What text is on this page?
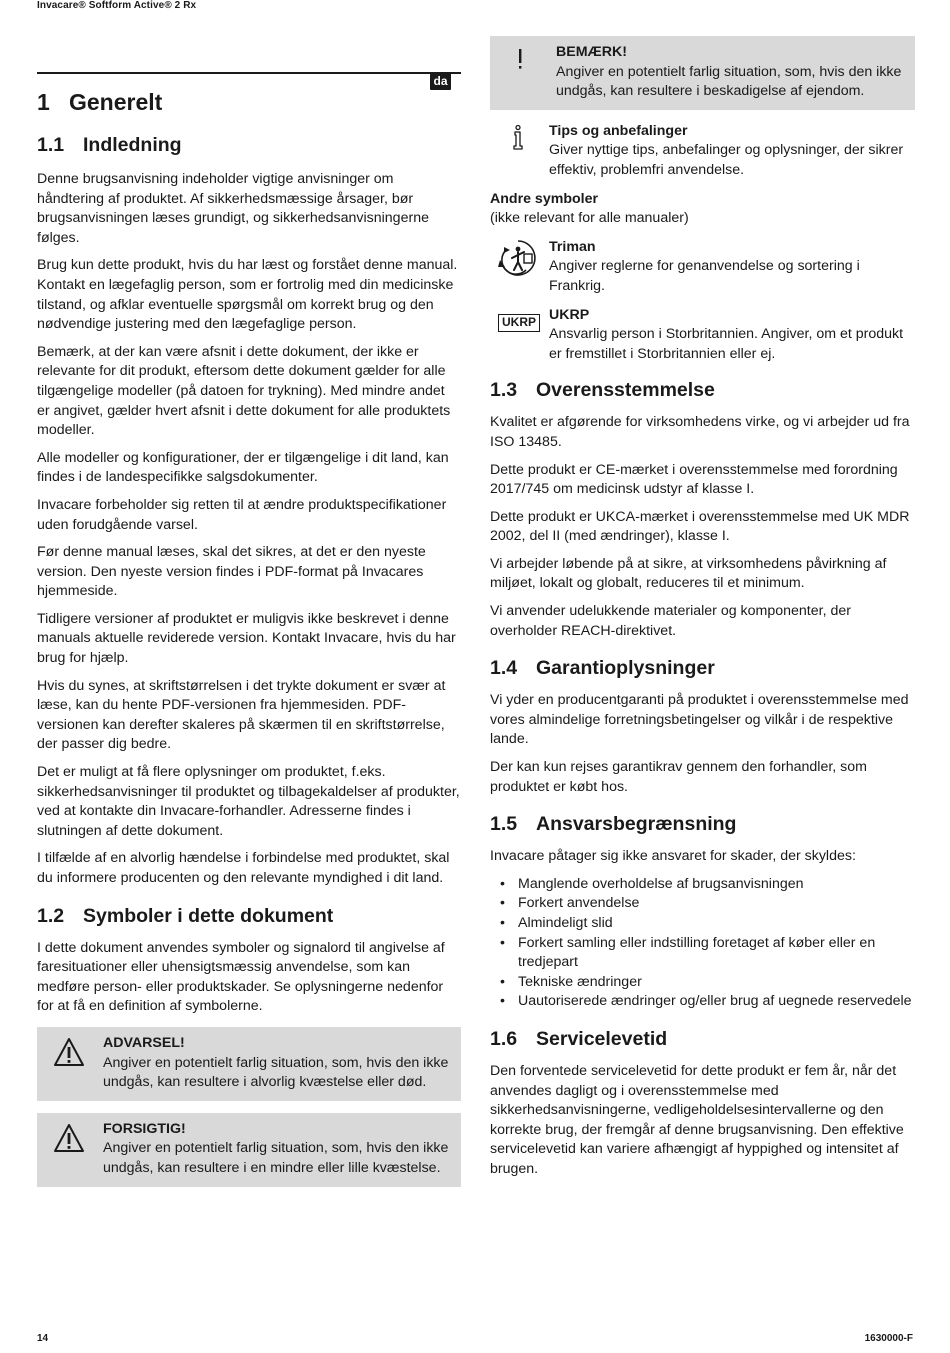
Invacare® Softform Active® 2 Rx
da
1 Generelt
1.1 Indledning

Denne brugsanvisning indeholder vigtige anvisninger om håndtering af produktet. Af sikkerhedsmæssige årsager, bør brugsanvisningen læses grundigt, og sikkerhedsanvisningerne følges.

Brug kun dette produkt, hvis du har læst og forstået denne manual. Kontakt en lægefaglig person, som er fortrolig med din medicinske tilstand, og afklar eventuelle spørgsmål om korrekt brug og den nødvendige justering med den lægefaglige person.

Bemærk, at der kan være afsnit i dette dokument, der ikke er relevante for dit produkt, eftersom dette dokument gælder for alle tilgængelige modeller (på datoen for trykning). Med mindre andet er angivet, gælder hvert afsnit i dette dokument for alle produktets modeller.

Alle modeller og konfigurationer, der er tilgængelige i dit land, kan findes i de landespecifikke salgsdokumenter.

Invacare forbeholder sig retten til at ændre produktspecifikationer uden forudgående varsel.

Før denne manual læses, skal det sikres, at det er den nyeste version. Den nyeste version findes i PDF-format på Invacares hjemmeside.

Tidligere versioner af produktet er muligvis ikke beskrevet i denne manuals aktuelle reviderede version. Kontakt Invacare, hvis du har brug for hjælp.

Hvis du synes, at skriftstørrelsen i det trykte dokument er svær at læse, kan du hente PDF-versionen fra hjemmesiden. PDF-versionen kan derefter skaleres på skærmen til en skriftstørrelse, der passer dig bedre.

Det er muligt at få flere oplysninger om produktet, f.eks. sikkerhedsanvisninger til produktet og tilbagekaldelser af produkter, ved at kontakte din Invacare-forhandler. Adresserne findes i slutningen af dette dokument.

I tilfælde af en alvorlig hændelse i forbindelse med produktet, skal du informere producenten og den relevante myndighed i dit land.

1.2 Symboler i dette dokument

I dette dokument anvendes symboler og signalord til angivelse af faresituationer eller uhensigtsmæssig anvendelse, som kan medføre person- eller produktskader. Se oplysningerne nedenfor for at få en definition af symbolerne.

ADVARSEL!
Angiver en potentielt farlig situation, som, hvis den ikke undgås, kan resultere i alvorlig kvæstelse eller død.
FORSIGTIG!
Angiver en potentielt farlig situation, som, hvis den ikke undgås, kan resultere i en mindre eller lille kvæstelse.
BEMÆRK!
Angiver en potentielt farlig situation, som, hvis den ikke undgås, kan resultere i beskadigelse af ejendom.
Tips og anbefalinger
Giver nyttige tips, anbefalinger og oplysninger, der sikrer effektiv, problemfri anvendelse.

Andre symboler

(ikke relevant for alle manualer)

Triman
Angiver reglerne for genanvendelse og sortering i Frankrig.
UKRP UKRP
Ansvarlig person i Storbritannien. Angiver, om et produkt er fremstillet i Storbritannien eller ej.
1.3 Overensstemmelse

Kvalitet er afgørende for virksomhedens virke, og vi arbejder ud fra ISO 13485.

Dette produkt er CE-mærket i overensstemmelse med forordning 2017/745 om medicinsk udstyr af klasse I.

Dette produkt er UKCA-mærket i overensstemmelse med UK MDR 2002, del II (med ændringer), klasse I.

Vi arbejder løbende på at sikre, at virksomhedens påvirkning af miljøet, lokalt og globalt, reduceres til et minimum.

Vi anvender udelukkende materialer og komponenter, der overholder REACH-direktivet.

1.4 Garantioplysninger

Vi yder en producentgaranti på produktet i overensstemmelse med vores almindelige forretningsbetingelser og vilkår i de respektive lande.

Der kan kun rejses garantikrav gennem den forhandler, som produktet er købt hos.

1.5 Ansvarsbegrænsning

Invacare påtager sig ikke ansvaret for skader, der skyldes:

• Manglende overholdelse af brugsanvisningen
• Forkert anvendelse
• Almindeligt slid
• Forkert samling eller indstilling foretaget af køber eller en tredjepart
• Tekniske ændringer
• Uautoriserede ændringer og/eller brug af uegnede reservedele
1.6 Servicelevetid

Den forventede servicelevetid for dette produkt er fem år, når det anvendes dagligt og i overensstemmelse med sikkerhedsanvisningerne, vedligeholdelsesintervallerne og den korrekte brug, der fremgår af denne brugsanvisning. Den effektive servicelevetid kan variere afhængigt af hyppighed og intensitet af brugen.

14	1630000-F
